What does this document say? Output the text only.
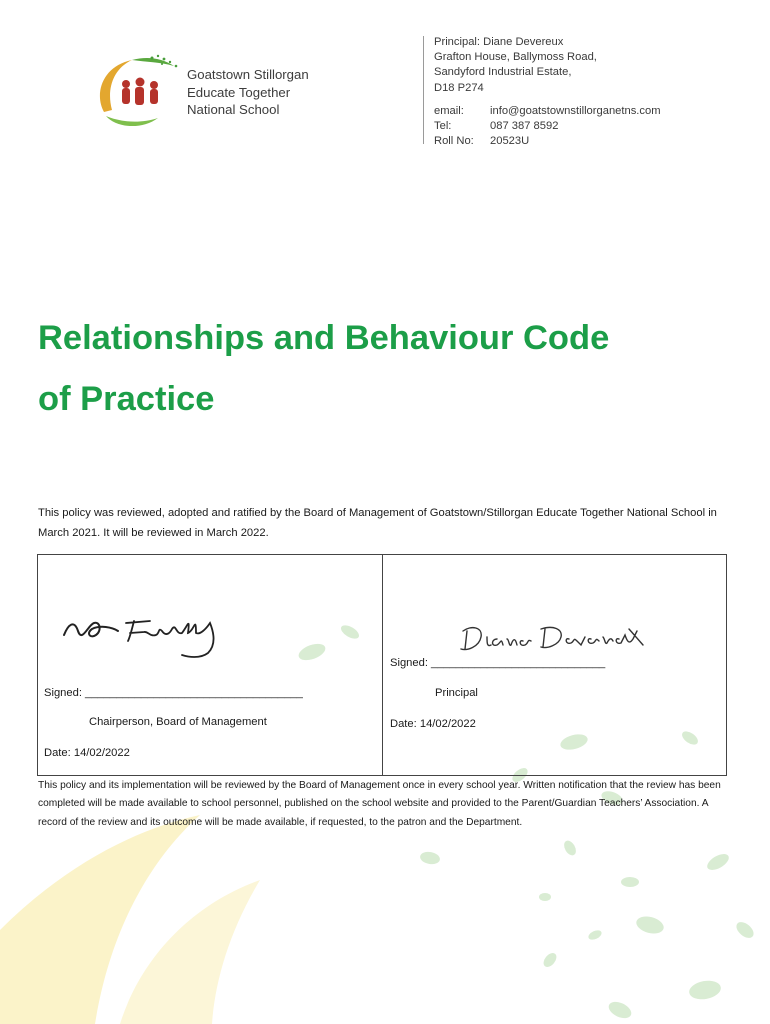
Goatstown Stillorgan
Educate Together
National School
Principal: Diane Devereux
Grafton House, Ballymoss Road,
Sandyford Industrial Estate,
D18 P274
email:	info@goatstownstillorganetns.com
Tel:	087 387 8592
Roll No:	20523U
Relationships and Behaviour Code
of Practice

This policy was reviewed, adopted and ratified by the Board of Management of Goatstown/Stillorgan Educate Together National School in March 2021. It will be reviewed in March 2022.

Signed: ___________________________________
Chairperson, Board of Management
Date: 14/02/2022
Signed: ____________________________
Principal
Date: 14/02/2022

This policy and its implementation will be reviewed by the Board of Management once in every school year. Written notification that the review has been completed will be made available to school personnel, published on the school website and provided to the Parent/Guardian Teachers’ Association. A record of the review and its outcome will be made available, if requested, to the patron and the Department.
